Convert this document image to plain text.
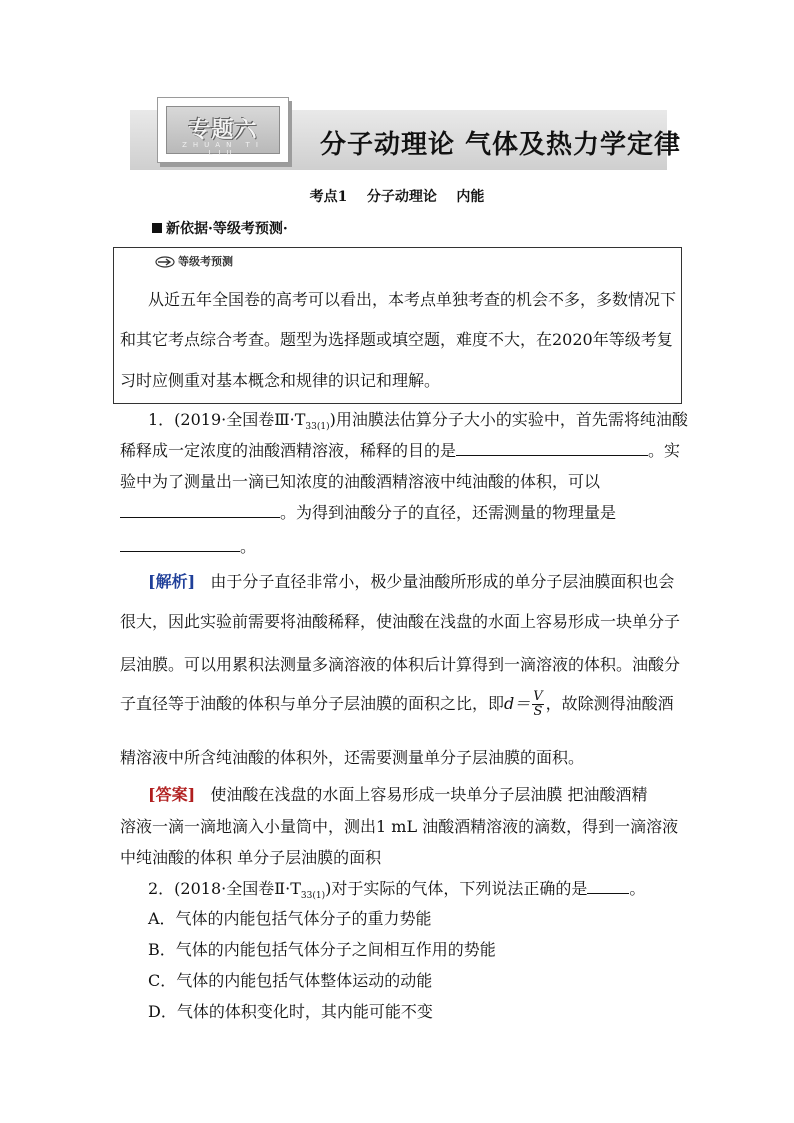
专题六
ZHUAN TI LIU	分子动理论 气体及热力学定律
考点1    分子动理论    内能
新依据·等级考预测·
等级考预测
从近五年全国卷的高考可以看出，本考点单独考查的机会不多，多数情况下
和其它考点综合考查。题型为选择题或填空题，难度不大，在2020年等级考复
习时应侧重对基本概念和规律的识记和理解。
1．(2019·全国卷$Ⅲ\cdot T_{33(1)}$)用油膜法估算分子大小的实验中，首先需将纯油酸
稀释成一定浓度的油酸酒精溶液，稀释的目的是	。实
验中为了测量出一滴已知浓度的油酸酒精溶液中纯油酸的体积，可以
。为得到油酸分子的直径，还需测量的物理量是
。
[解析] 由于分子直径非常小，极少量油酸所形成的单分子层油膜面积也会
很大，因此实验前需要将油酸稀释，使油酸在浅盘的水面上容易形成一块单分子
层油膜。可以用累积法测量多滴溶液的体积后计算得到一滴溶液的体积。油酸分
子直径等于油酸的体积与单分子层油膜的面积之比，即$d= \frac{V}{S}$ ，故除测得油酸酒
精溶液中所含纯油酸的体积外，还需要测量单分子层油膜的面积。
[答案] 使油酸在浅盘的水面上容易形成一块单分子层油膜 把油酸酒精
溶液一滴一滴地滴入小量筒中，测出1 mL 油酸酒精溶液的滴数，得到一滴溶液
中纯油酸的体积 单分子层油膜的面积
2．(2018·全国卷$Ⅱ\cdot T_{33(1)}$)对于实际的气体，下列说法正确的是	。
A．气体的内能包括气体分子的重力势能
B．气体的内能包括气体分子之间相互作用的势能
C．气体的内能包括气体整体运动的动能
D．气体的体积变化时，其内能可能不变
